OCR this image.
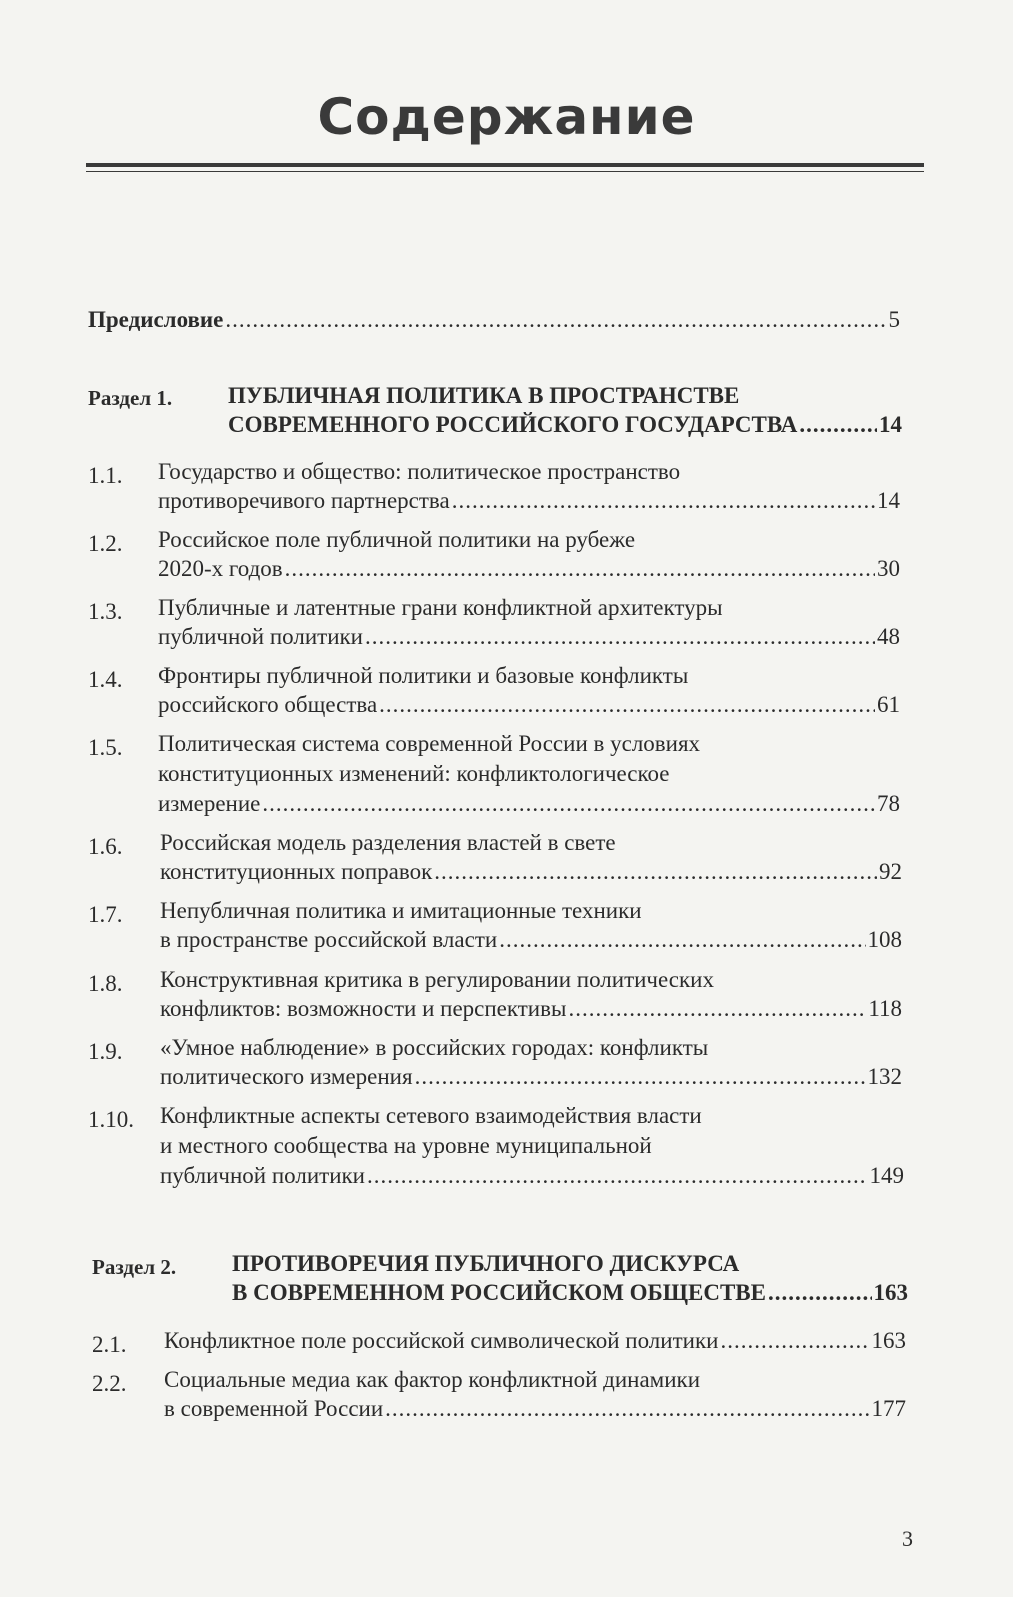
Содержание
Предисловие .....	5
Раздел 1. ПУБЛИЧНАЯ ПОЛИТИКА В ПРОСТРАНСТВЕ
СОВРЕМЕННОГО РОССИЙСКОГО ГОСУДАРСТВА .....	14
1.1. Государство и общество: политическое пространство
противоречивого партнерства .....	14
1.2. Российское поле публичной политики на рубеже
2020-х годов .....	30
1.3. Публичные и латентные грани конфликтной архитектуры
публичной политики .....	48
1.4. Фронтиры публичной политики и базовые конфликты
российского общества .....	61
1.5. Политическая система современной России в условиях
конституционных изменений: конфликтологическое
измерение .....	78
1.6. Российская модель разделения властей в свете
конституционных поправок .....	92
1.7. Непубличная политика и имитационные техники
в пространстве российской власти .....	108
1.8. Конструктивная критика в регулировании политических
конфликтов: возможности и перспективы .....	118
1.9. «Умное наблюдение» в российских городах: конфликты
политического измерения .....	132
1.10. Конфликтные аспекты сетевого взаимодействия власти
и местного сообщества на уровне муниципальной
публичной политики .....	149
Раздел 2. ПРОТИВОРЕЧИЯ ПУБЛИЧНОГО ДИСКУРСА
В СОВРЕМЕННОМ РОССИЙСКОМ ОБЩЕСТВЕ .....	163
2.1. Конфликтное поле российской символической политики .....	163
2.2. Социальные медиа как фактор конфликтной динамики
в современной России .....	177
3
